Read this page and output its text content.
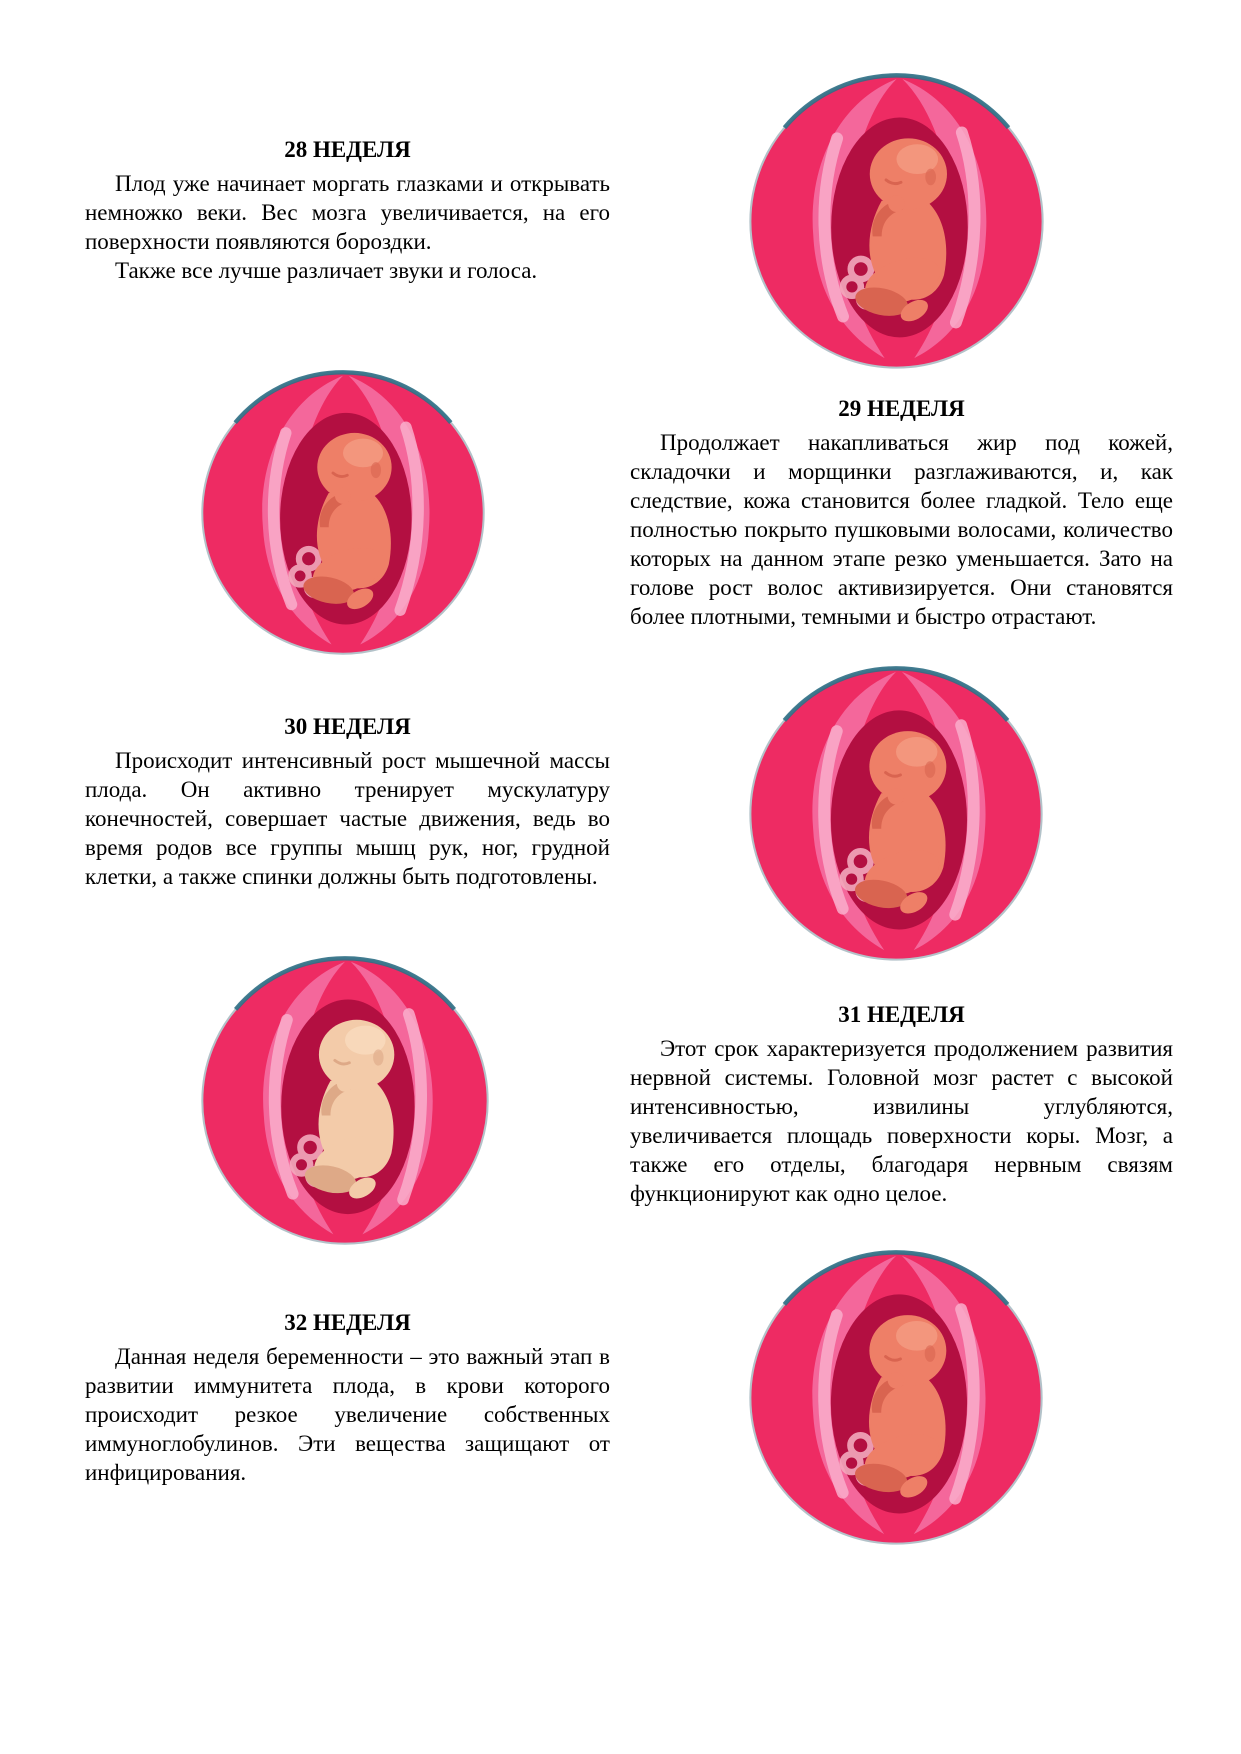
28 НЕДЕЛЯ

Плод уже начинает моргать глазками и открывать немножко веки. Вес мозга увеличивается, на его поверхности появляются бороздки.

Также все лучше различает звуки и голоса.

29 НЕДЕЛЯ

Продолжает накапливаться жир под кожей, складочки и морщинки разглаживаются, и, как следствие, кожа становится более гладкой. Тело еще полностью покрыто пушковыми волосами, количество которых на данном этапе резко уменьшается. Зато на голове рост волос активизируется. Они становятся более плотными, темными и быстро отрастают.

30 НЕДЕЛЯ

Происходит интенсивный рост мышечной массы плода. Он активно тренирует мускулатуру конечностей, совершает частые движения, ведь во время родов все группы мышц рук, ног, грудной клетки, а также спинки должны быть подготовлены.

31 НЕДЕЛЯ

Этот срок характеризуется продолжением развития нервной системы. Головной мозг растет с высокой интенсивностью, извилины углубляются, увеличивается площадь поверхности коры. Мозг, а также его отделы, благодаря нервным связям функционируют как одно целое.

32 НЕДЕЛЯ

Данная неделя беременности – это важный этап в развитии иммунитета плода, в крови которого происходит резкое увеличение собственных иммуноглобулинов. Эти вещества защищают от инфицирования.
